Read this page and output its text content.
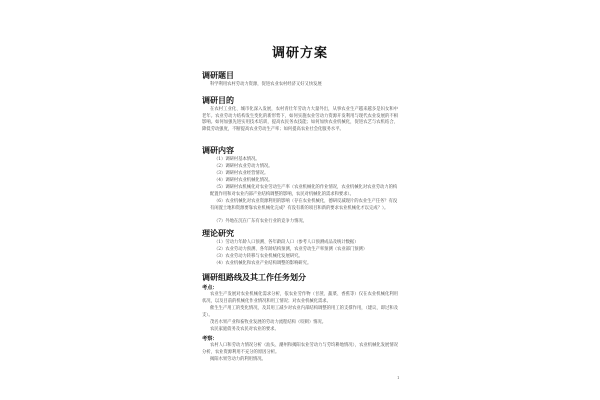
调研方案
调研题目
科学利用农村劳动力资源，促进农业农村经济又好又快发展
调研目的
在农村工业化、城市化深入发展，农村青壮年劳动力大量外出，从事农业生产越来越多是妇女和中老年。农业劳动力结构发生变化的新形势下，如何实施农业劳动力资源开发利用与现代农业发展的不相影响。如何加强先进实用技术培训，提高农民务农技能；如何加快农业机械化，促进农艺与农机结合、降低劳动强度，不断提高农业劳动生产率；如何提高农业社会化服务水平。
调研内容
（1）调研村基本情况。
（2）调研村农业劳动力情况。
（3）调研村农业经营情况。
（4）调研村农业机械化情况。
（5）调研村农机械化对农业劳动生产率（农业机械化的作业情况，农业机械化对农业劳动力的构配置作用和对农业内部产业结构调整的影响，农民对机械化的需求和要求）。
（6）农业机械化对农业资源利用的影响（存在农业机械化，德研反减现片的农业生产任务？有没有闲置土地和资源要靠农业机械化完成？有没有新的项目和新的要求农业机械化才以完成？）。
（7）外地在沉在广东有农业行业的竞争力情况。
理论研究
（1）劳动力年龄人口预测、各年龄段人口（参考人口预测成品及统计数据）
（2）农业劳动力预测、各年龄结构预测，农业劳动生产率预测（农业部门预测）
（3）农业劳动力转移与农业机械化发展研究。
（4）农业机械化和农业产业结构调整的影响研究。
调研组路线及其工作任务划分
考点：
农业生产发展对农业机械化需求分析，依农业劳作物（甘蔗、蔬菜、香蕉等）仅在农业机械化利用状况，以及目前的机械化作业情况和用工情况；对农业机械化需求。
催生生产用工的变化情况，及其用工减少对农业内部结构调整的用工的支撑作用，（建议、即过和及支）。
茂名水果产业和畜牧业发展的劳动力流程结构（咬刺）情况。
农民家庭债务及农民对农业的要求。
考察：
农村人口和劳动力情况分析（汕头、潮州和揭阳农业劳动力与劳均耕地情况），农业机械化发展情况分析，农业资源利用不充分的原因分析。
揭阳水果劳动力的利用情况。
1
